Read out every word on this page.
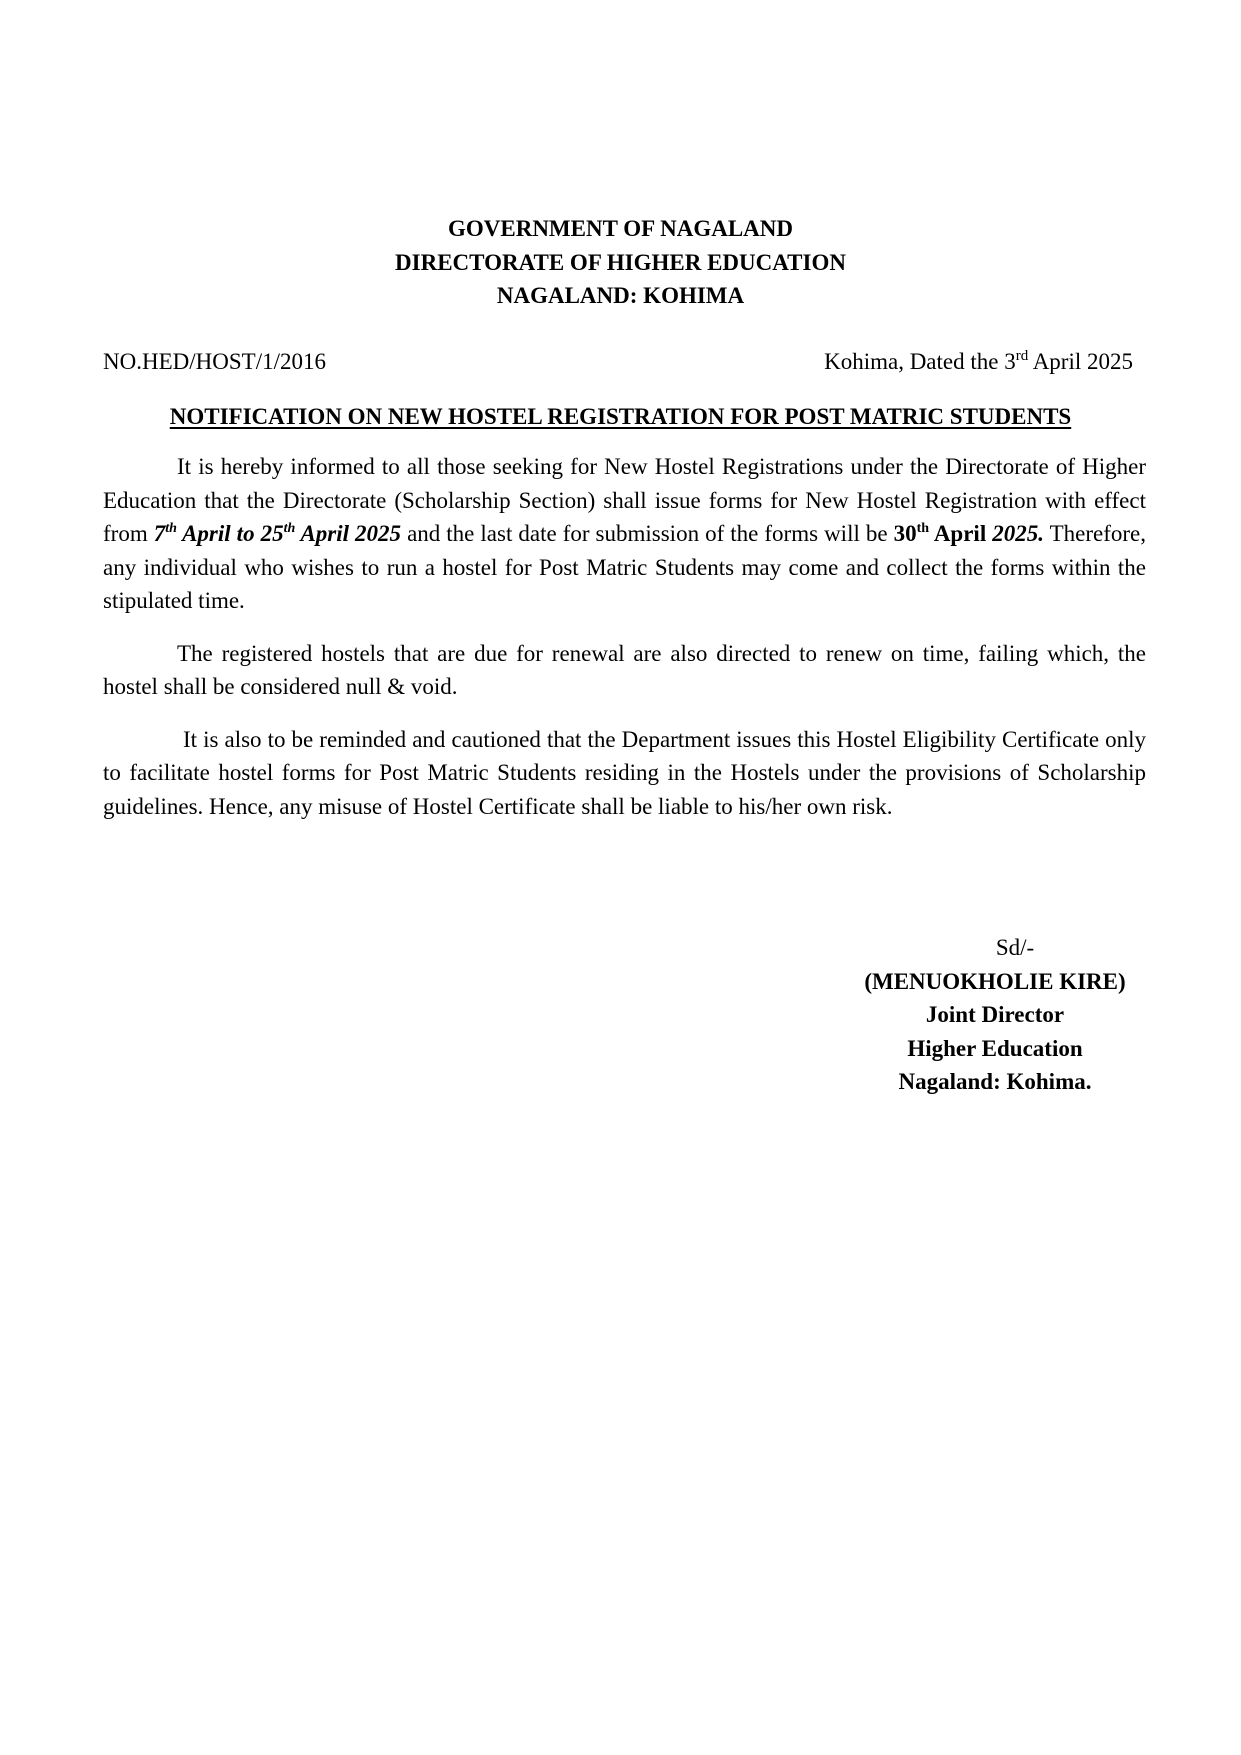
GOVERNMENT OF NAGALAND
DIRECTORATE OF HIGHER EDUCATION
NAGALAND: KOHIMA
NO.HED/HOST/1/2016	Kohima, Dated the 3rd April 2025
NOTIFICATION ON NEW HOSTEL REGISTRATION FOR POST MATRIC STUDENTS

It is hereby informed to all those seeking for New Hostel Registrations under the Directorate of Higher Education that the Directorate (Scholarship Section) shall issue forms for New Hostel Registration with effect from 7th April to 25th April 2025 and the last date for submission of the forms will be 30th April 2025. Therefore, any individual who wishes to run a hostel for Post Matric Students may come and collect the forms within the stipulated time.

The registered hostels that are due for renewal are also directed to renew on time, failing which, the hostel shall be considered null & void.

It is also to be reminded and cautioned that the Department issues this Hostel Eligibility Certificate only to facilitate hostel forms for Post Matric Students residing in the Hostels under the provisions of Scholarship guidelines. Hence, any misuse of Hostel Certificate shall be liable to his/her own risk.

Sd/-
(MENUOKHOLIE KIRE)
Joint Director
Higher Education
Nagaland: Kohima.
